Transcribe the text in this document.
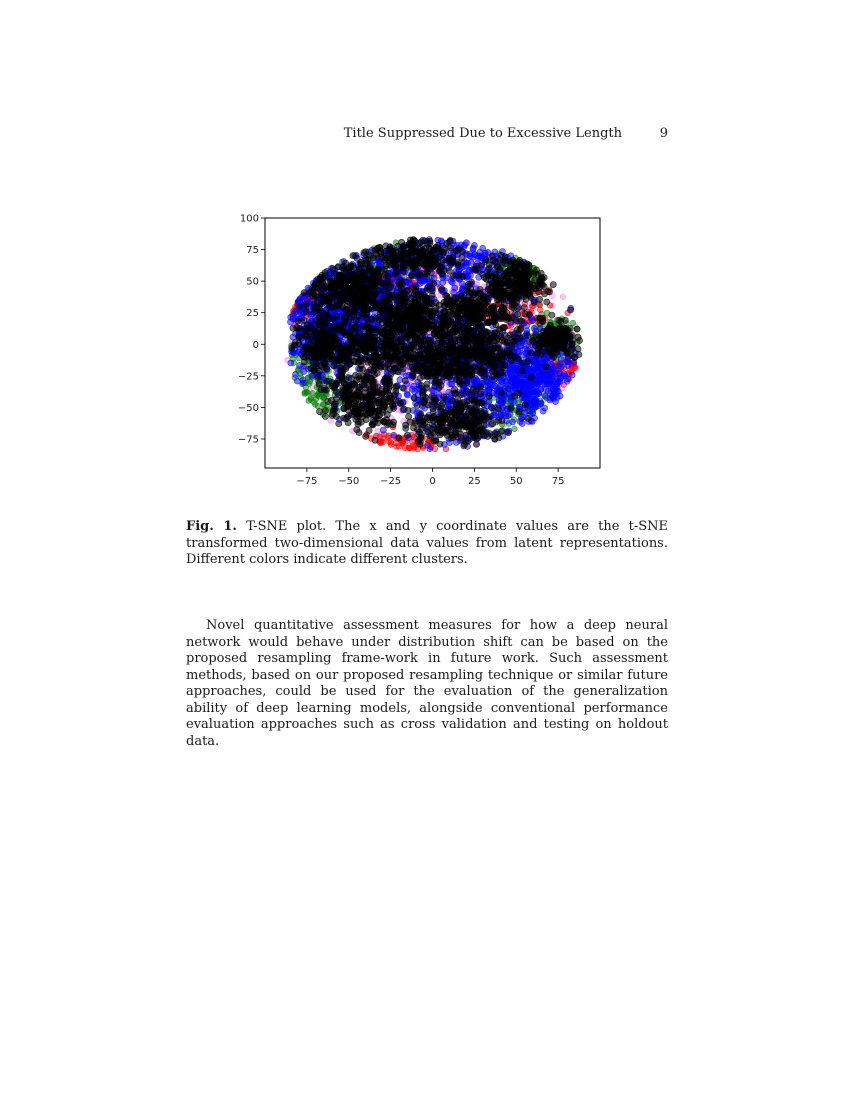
Title Suppressed Due to Excessive Length	9
−75 −50 −25	0	25	50	75
100
75
50
25
0
−25
−50
−75
Fig. 1. T-SNE plot. The x and y coordinate values are the t-SNE transformed two-dimensional data values from latent representations. Different colors indicate different clusters.

Novel quantitative assessment measures for how a deep neural network would behave under distribution shift can be based on the proposed resampling frame-work in future work. Such assessment methods, based on our proposed resampling technique or similar future approaches, could be used for the evaluation of the generalization ability of deep learning models, alongside conventional performance evaluation approaches such as cross validation and testing on holdout data.
